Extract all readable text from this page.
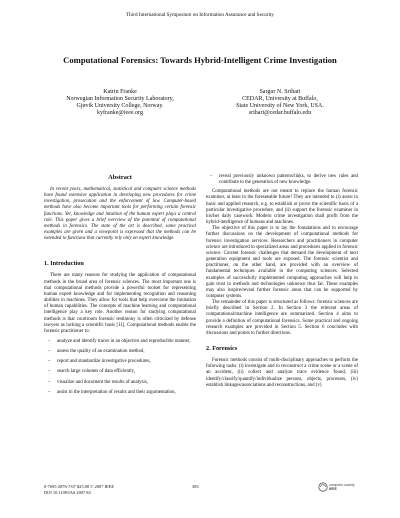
Third International Symposium on Information Assurance and Security
Computational Forensics: Towards Hybrid-Intelligent Crime Investigation
Katrin Franke
Norwegian Information Security Laboratory,
Gjøvik University College, Norway.
kyfranke@ieee.org
Sargur N. Srihari
CEDAR, University at Buffalo,
State University of New York, USA.
srihari@cedar.buffalo.edu
Abstract

In recent years, mathematical, statistical and computer science methods have found extensive application in developing new procedures for crime investigation, prosecution and the enforcement of law. Computer-based methods have also become important tools for performing certain forensic functions. Yet, knowledge and intuition of the human expert plays a central role. This paper gives a brief overview of the potential of computational methods in forensics. The state of the art is described, some practical examples are given and a viewpoint is expressed that the methods can be extended to functions that currently rely only on expert knowledge.

1. Introduction

There are many reasons for studying the application of computational methods in the broad area of forensic sciences. The most important one is that computational methods provide a powerful toolset for representing human expert knowledge and for implementing recognition and reasoning abilities in machines. They allow for tools that help overcome the limitation of human capabilities. The concepts of machine learning and computational intelligence play a key role. Another reason for studying computational methods is that courtroom forensic testimony is often criticized by defense lawyers as lacking a scientific basis [11]. Computational methods enable the forensic practitioner to:

– analyze and identify traces in an objective and reproducible manner,
– assess the quality of an examination method,
– report and standardize investigative procedures,
– search large volumes of data efficiently,
– visualize and document the results of analysis,
– assist in the interpretation of results and their argumentation,
– reveal previously unknown patterns/links, to derive new rules and contribute to the generation of new knowledge.

Computational methods are not meant to replace the human forensic examiner, at least in the foreseeable future! They are intended to (i) assist in basic and applied research, e.g. to establish or prove the scientific basis of a particular investigative procedure, and (ii) support the forensic examiner in his/her daily casework. Modern crime investigation shall profit from the hybrid-intelligence of humans and machines.

The objective of this paper is to lay the foundations and to encourage further discussions on the development of computational methods for forensic investigation services. Researchers and practitioners in computer science are introduced to specialized areas and procedures applied in forensic science. Current forensic challenges that demand the development of next generation equipment and tools are exposed. The forensic scientist and practitioner, on the other hand, are provided with an overview of fundamental techniques available in the computing sciences. Selected examples of successfully implemented computing approaches will help to gain trust in methods and technologies unknown thus far. These examples may also inspire/reveal further forensic areas that can be supported by computer systems.

The remainder of this paper is structured as follows: forensic sciences are briefly described in Section 2. In Section 3 the relevant areas of computational/machine intelligence are summarized. Section 4 aims to provide a definition of computational forensics. Some practical and ongoing research examples are provided in Section 5. Section 6 concludes with discussions and points to further directions.

2. Forensics

Forensic methods consist of multi-disciplinary approaches to perform the following tasks: (i) investigate and to reconstruct a crime scene or a scene of an accident, (ii) collect and analyze trace evidence found, (iii) identify/classify/quantify/individualize persons, objects, processes, (iv) establish linkages/associations and reconstructions, and (v)

0-7695-2876-7/07 $25.00 © 2007 IEEE
DOI 10.1109/IAS.2007.84
383	computer society
IEEE
